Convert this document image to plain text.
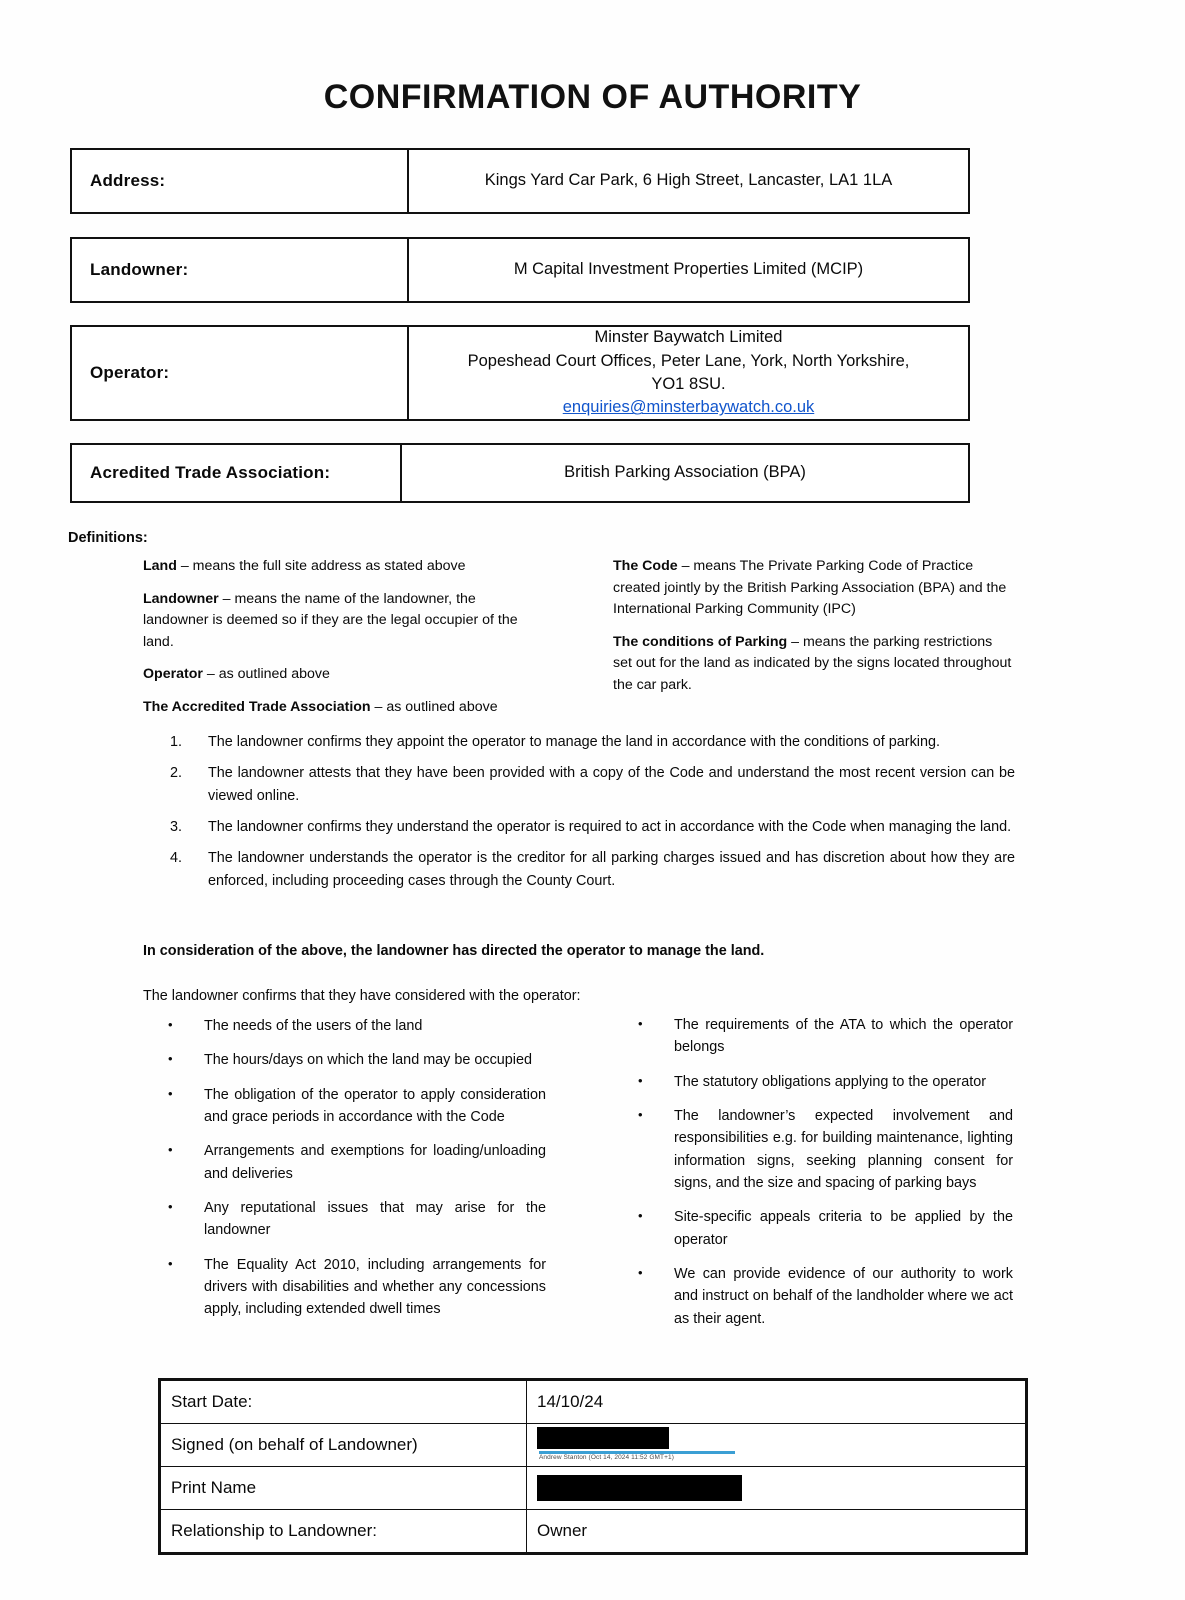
CONFIRMATION OF AUTHORITY
Address:	Kings Yard Car Park, 6 High Street, Lancaster, LA1 1LA
Landowner:	M Capital Investment Properties Limited (MCIP)
Operator:
Minster Baywatch Limited
Popeshead Court Offices, Peter Lane, York, North Yorkshire,
YO1 8SU.
enquiries@minsterbaywatch.co.uk
Acredited Trade Association:	British Parking Association (BPA)
Definitions:
Land – means the full site address as stated above
Landowner – means the name of the landowner, the landowner is deemed so if they are the legal occupier of the land.
Operator – as outlined above
The Accredited Trade Association – as outlined above
The Code – means The Private Parking Code of Practice created jointly by the British Parking Association (BPA) and the International Parking Community (IPC)
The conditions of Parking – means the parking restrictions set out for the land as indicated by the signs located throughout the car park.
1.	The landowner confirms they appoint the operator to manage the land in accordance with the conditions of parking.
2.	The landowner attests that they have been provided with a copy of the Code and understand the most recent version can be viewed online.
3.	The landowner confirms they understand the operator is required to act in accordance with the Code when managing the land.
4.	The landowner understands the operator is the creditor for all parking charges issued and has discretion about how they are enforced, including proceeding cases through the County Court.
In consideration of the above, the landowner has directed the operator to manage the land.
The landowner confirms that they have considered with the operator:
•	The needs of the users of the land
•	The hours/days on which the land may be occupied
•	The obligation of the operator to apply consideration and grace periods in accordance with the Code
•	Arrangements and exemptions for loading/unloading and deliveries
•	Any reputational issues that may arise for the landowner
•	The Equality Act 2010, including arrangements for drivers with disabilities and whether any concessions apply, including extended dwell times
•	The requirements of the ATA to which the operator belongs
•	The statutory obligations applying to the operator
•	The landowner’s expected involvement and responsibilities e.g. for building maintenance, lighting information signs, seeking planning consent for signs, and the size and spacing of parking bays
•	Site-specific appeals criteria to be applied by the operator
•	We can provide evidence of our authority to work and instruct on behalf of the landholder where we act as their agent.
Start Date:	14/10/24
Signed (on behalf of Landowner)	Andrew Stanton (Oct 14, 2024 11:52 GMT+1)

Print Name	
Relationship to Landowner:	Owner
